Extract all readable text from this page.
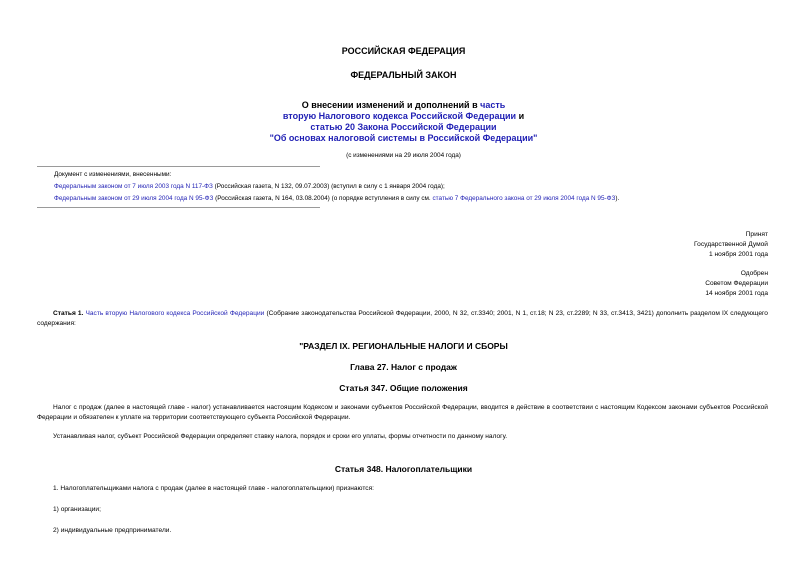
РОССИЙСКАЯ ФЕДЕРАЦИЯ
ФЕДЕРАЛЬНЫЙ ЗАКОН
О внесении изменений и дополнений в часть
вторую Налогового кодекса Российской Федерации и
статью 20 Закона Российской Федерации
"Об основах налоговой системы в Российской Федерации"
(с изменениями на 29 июля 2004 года)
Документ с изменениями, внесенными:
Федеральным законом от 7 июля 2003 года N 117-ФЗ (Российская газета, N 132, 09.07.2003) (вступил в силу с 1 января 2004 года);
Федеральным законом от 29 июля 2004 года N 95-ФЗ (Российская газета, N 164, 03.08.2004) (о порядке вступления в силу см. статью 7 Федерального закона от 29 июля 2004 года N 95-ФЗ).
Принят
Государственной Думой
1 ноября 2001 года
Одобрен
Советом Федерации
14 ноября 2001 года
Статья 1. Часть вторую Налогового кодекса Российской Федерации (Собрание законодательства Российской Федерации, 2000, N 32, ст.3340; 2001, N 1, ст.18; N 23, ст.2289; N 33, ст.3413, 3421) дополнить разделом IX следующего содержания:
"РАЗДЕЛ IX. РЕГИОНАЛЬНЫЕ НАЛОГИ И СБОРЫ
Глава 27. Налог с продаж
Статья 347. Общие положения
Налог с продаж (далее в настоящей главе - налог) устанавливается настоящим Кодексом и законами субъектов Российской Федерации, вводится в действие в соответствии с настоящим Кодексом законами субъектов Российской Федерации и обязателен к уплате на территории соответствующего субъекта Российской Федерации.
Устанавливая налог, субъект Российской Федерации определяет ставку налога, порядок и сроки его уплаты, формы отчетности по данному налогу.
Статья 348. Налогоплательщики
1. Налогоплательщиками налога с продаж (далее в настоящей главе - налогоплательщики) признаются:
1) организации;
2) индивидуальные предприниматели.
